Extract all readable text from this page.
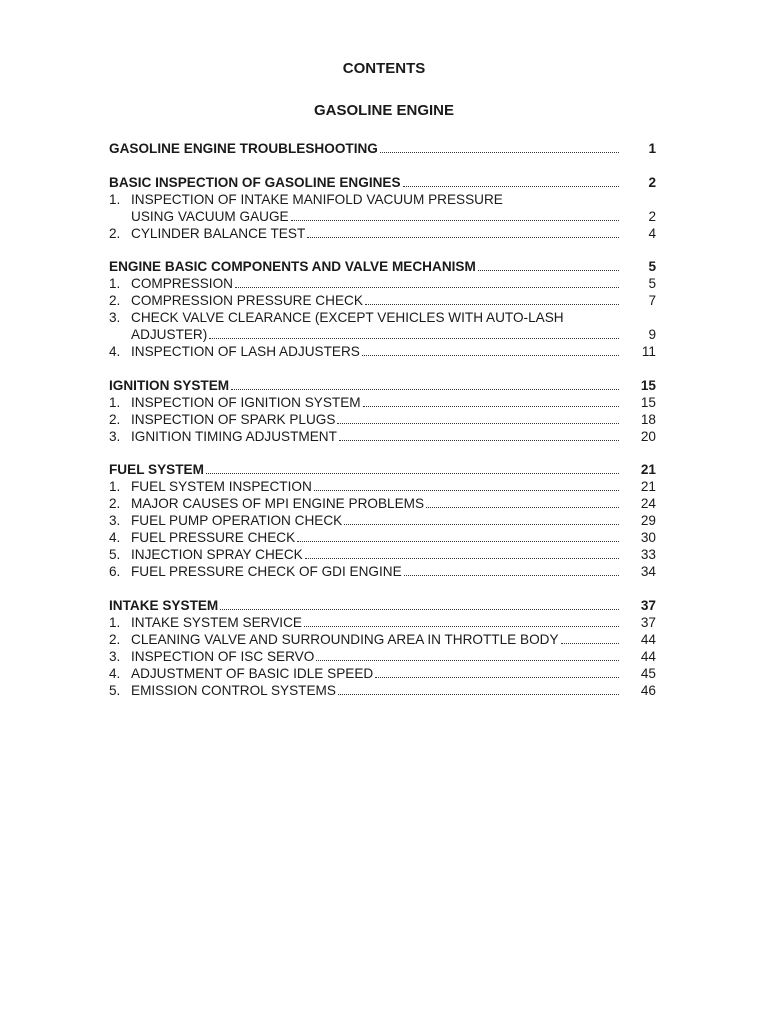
CONTENTS
GASOLINE ENGINE
GASOLINE ENGINE TROUBLESHOOTING	1
BASIC INSPECTION OF GASOLINE ENGINES	2
1. INSPECTION OF INTAKE MANIFOLD VACUUM PRESSURE
USING VACUUM GAUGE	2
2. CYLINDER BALANCE TEST	4
ENGINE BASIC COMPONENTS AND VALVE MECHANISM	5
1. COMPRESSION	5
2. COMPRESSION PRESSURE CHECK	7
3. CHECK VALVE CLEARANCE (EXCEPT VEHICLES WITH AUTO-LASH
ADJUSTER)	9
4. INSPECTION OF LASH ADJUSTERS	11
IGNITION SYSTEM	15
1. INSPECTION OF IGNITION SYSTEM	15
2. INSPECTION OF SPARK PLUGS	18
3. IGNITION TIMING ADJUSTMENT	20
FUEL SYSTEM	21
1. FUEL SYSTEM INSPECTION	21
2. MAJOR CAUSES OF MPI ENGINE PROBLEMS	24
3. FUEL PUMP OPERATION CHECK	29
4. FUEL PRESSURE CHECK	30
5. INJECTION SPRAY CHECK	33
6. FUEL PRESSURE CHECK OF GDI ENGINE	34
INTAKE SYSTEM	37
1. INTAKE SYSTEM SERVICE	37
2. CLEANING VALVE AND SURROUNDING AREA IN THROTTLE BODY	44
3. INSPECTION OF ISC SERVO	44
4. ADJUSTMENT OF BASIC IDLE SPEED	45
5. EMISSION CONTROL SYSTEMS	46
